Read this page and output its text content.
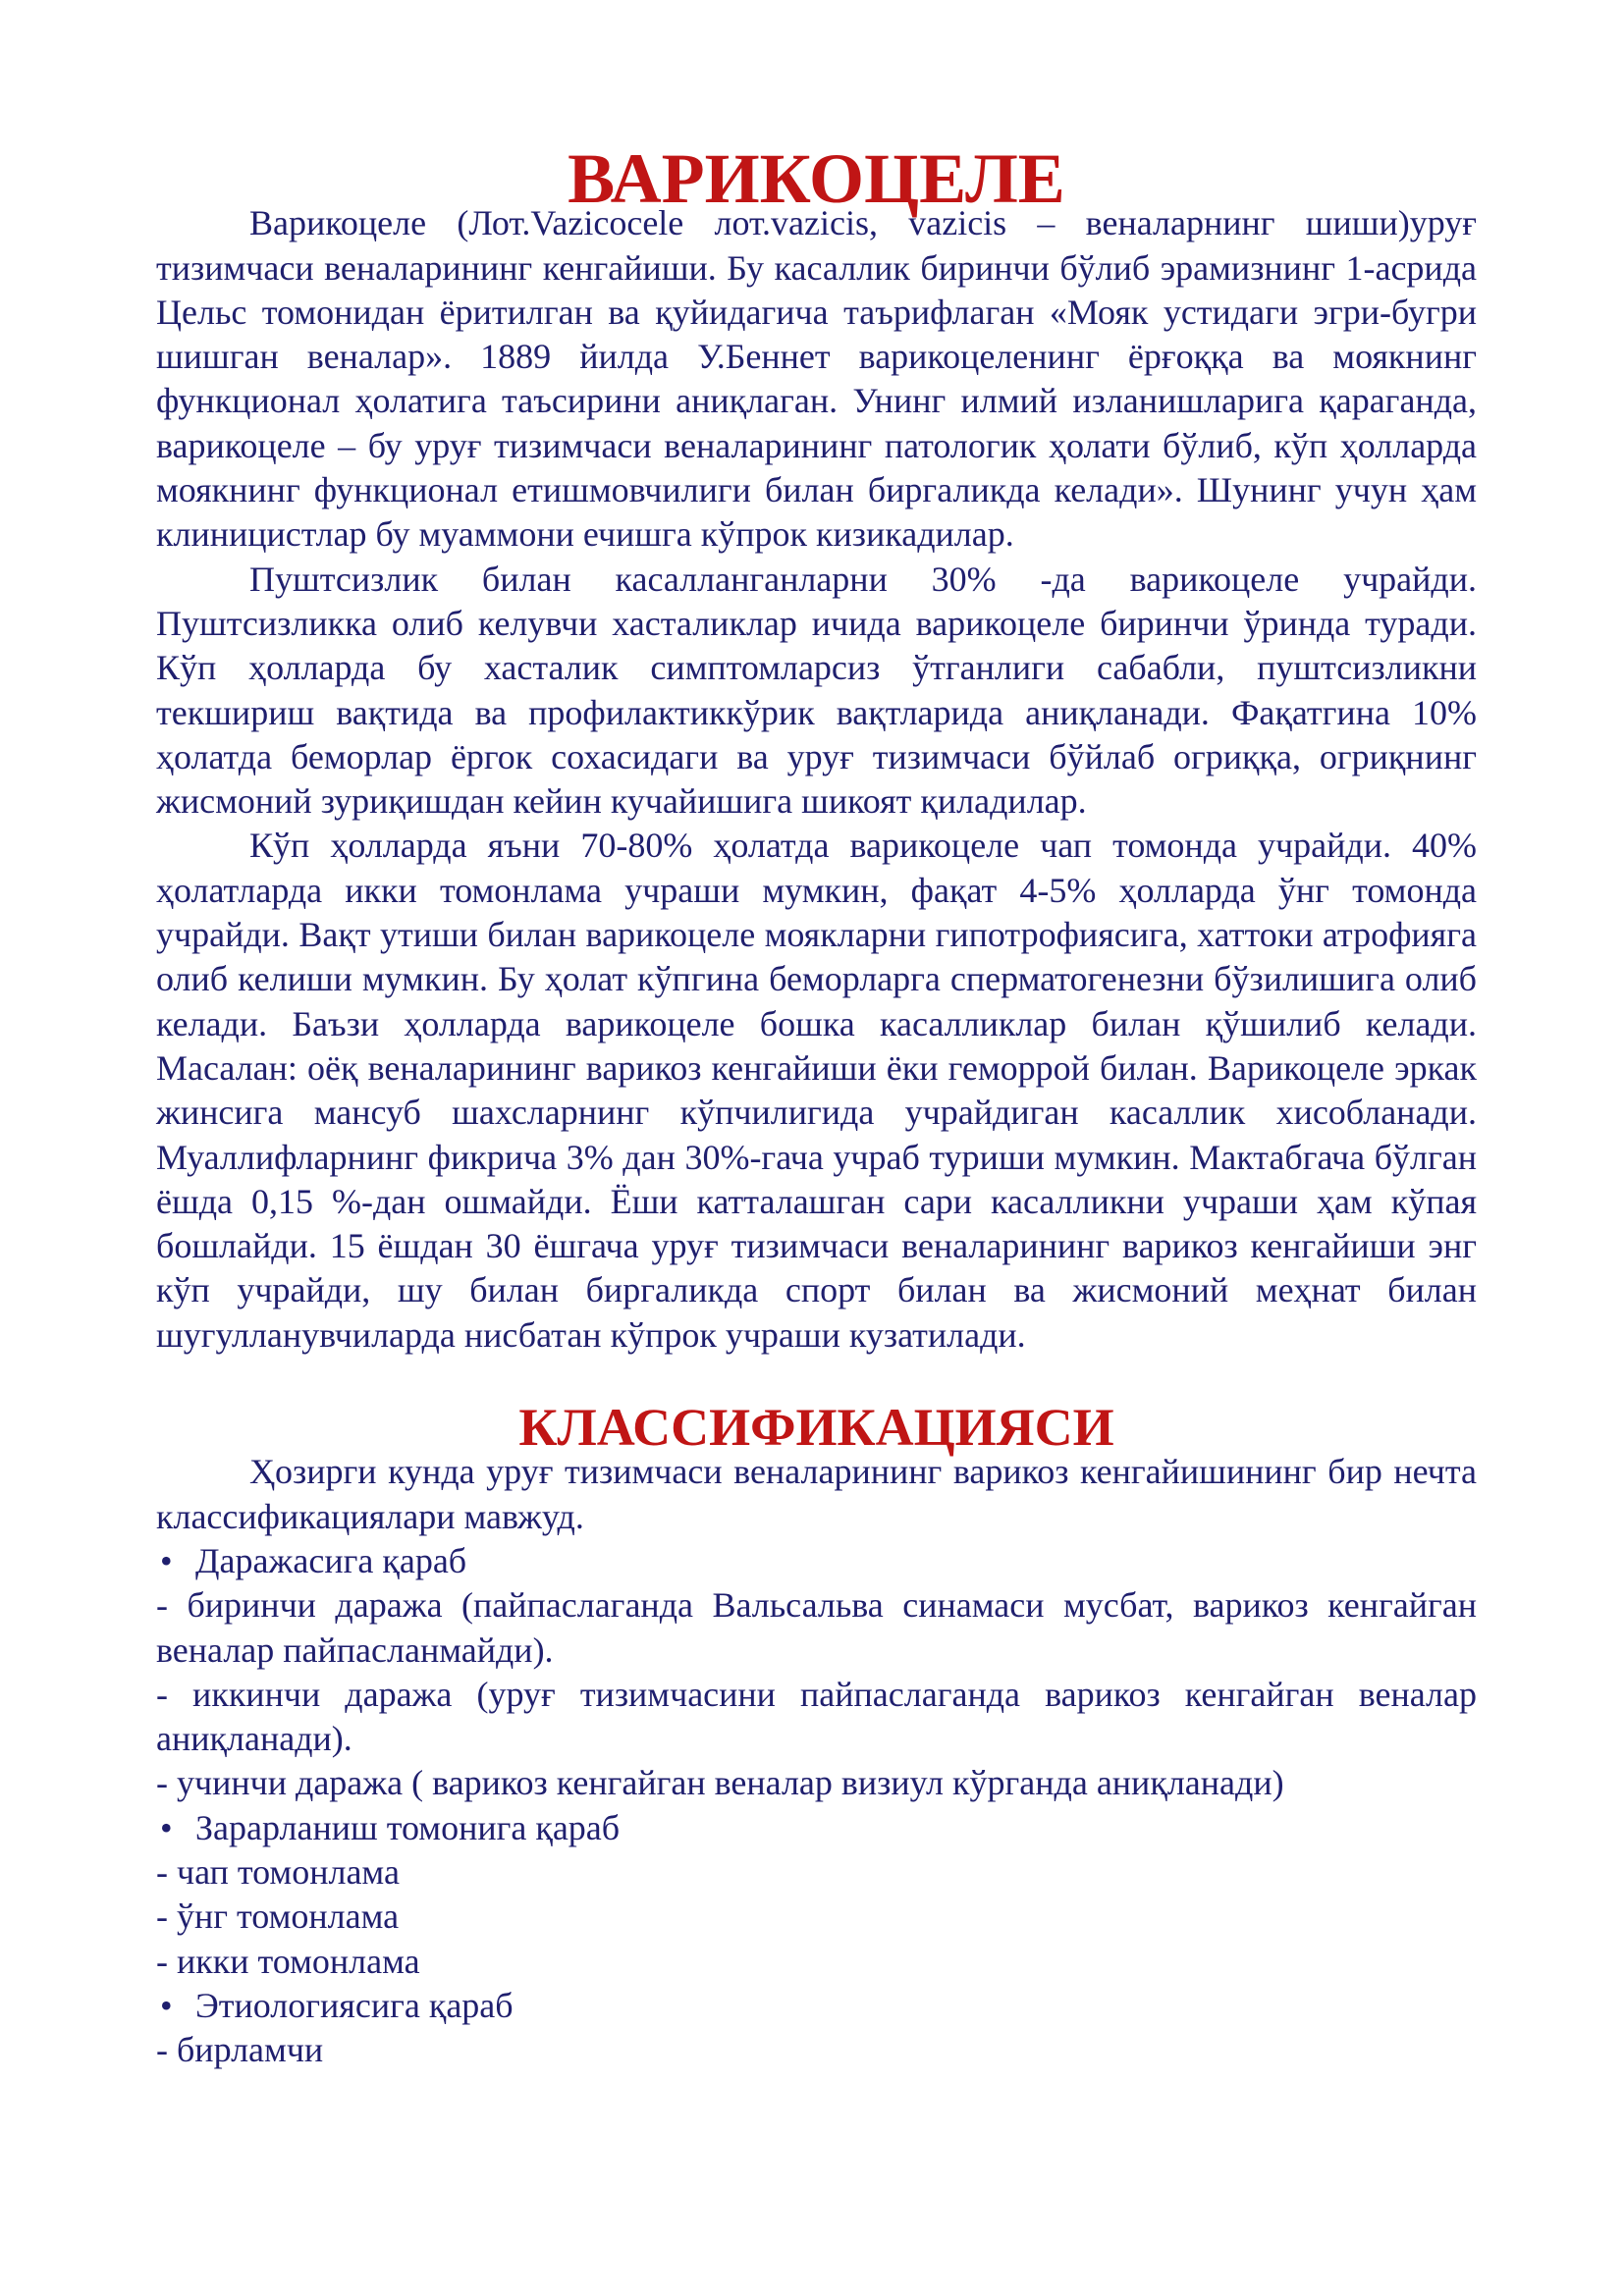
ВАРИКОЦЕЛЕ

Варикоцеле (Лот.Vazicocele лот.vazicis, vazicis – веналарнинг шиши)уруғ тизимчаси веналарининг кенгайиши. Бу касаллик биринчи бўлиб эрамизнинг 1-асрида Цельс томонидан ёритилган ва қуйидагича таърифлаган «Мояк устидаги эгри-бугри шишган веналар». 1889 йилда У.Беннет варикоцеленинг ёрғоққа ва моякнинг функционал ҳолатига таъсирини аниқлаган. Унинг илмий изланишларига қараганда, варикоцеле – бу уруғ тизимчаси веналарининг патологик ҳолати бўлиб, кўп ҳолларда моякнинг функционал етишмовчилиги билан биргаликда келади». Шунинг учун ҳам клиницистлар бу муаммони ечишга кўпрок кизикадилар.

Пуштсизлик билан касалланганларни 30% -да варикоцеле учрайди. Пуштсизликка олиб келувчи хасталиклар ичида варикоцеле биринчи ўринда туради. Кўп ҳолларда бу хасталик симптомларсиз ўтганлиги сабабли, пуштсизликни текшириш вақтида ва профилактиккўрик вақтларида аниқланади. Фақатгина 10% ҳолатда беморлар ёргок сохасидаги ва уруғ тизимчаси бўйлаб огриққа, огриқнинг жисмоний зуриқишдан кейин кучайишига шикоят қиладилар.

Кўп ҳолларда яъни 70-80% ҳолатда варикоцеле чап томонда учрайди. 40% ҳолатларда икки томонлама учраши мумкин, фақат 4-5% ҳолларда ўнг томонда учрайди. Вақт утиши билан варикоцеле моякларни гипотрофиясига, хаттоки атрофияга олиб келиши мумкин. Бу ҳолат кўпгина беморларга сперматогенезни бўзилишига олиб келади. Баъзи ҳолларда варикоцеле бошка касалликлар билан қўшилиб келади. Масалан: оёқ веналарининг варикоз кенгайиши ёки геморрой билан. Варикоцеле эркак жинсига мансуб шахсларнинг кўпчилигида учрайдиган касаллик хисобланади. Муаллифларнинг фикрича 3% дан 30%-гача учраб туриши мумкин. Мактабгача бўлган ёшда 0,15 %-дан ошмайди. Ёши катталашган сари касалликни учраши ҳам кўпая бошлайди. 15 ёшдан 30 ёшгача уруғ тизимчаси веналарининг варикоз кенгайиши энг кўп учрайди, шу билан биргаликда спорт билан ва жисмоний меҳнат билан шугулланувчиларда нисбатан кўпрок учраши кузатилади.

КЛАССИФИКАЦИЯСИ

Ҳозирги кунда уруғ тизимчаси веналарининг варикоз кенгайишининг бир нечта классификациялари мавжуд.

• Даражасига қараб

- биринчи даража (пайпаслаганда Вальсальва синамаси мусбат, варикоз кенгайган веналар пайпасланмайди).

- иккинчи даража (уруғ тизимчасини пайпаслаганда варикоз кенгайган веналар аниқланади).

- учинчи даража ( варикоз кенгайган веналар визиул кўрганда аниқланади)

• Зарарланиш томонига қараб

- чап томонлама

- ўнг томонлама

- икки томонлама

• Этиологиясига қараб

- бирламчи
